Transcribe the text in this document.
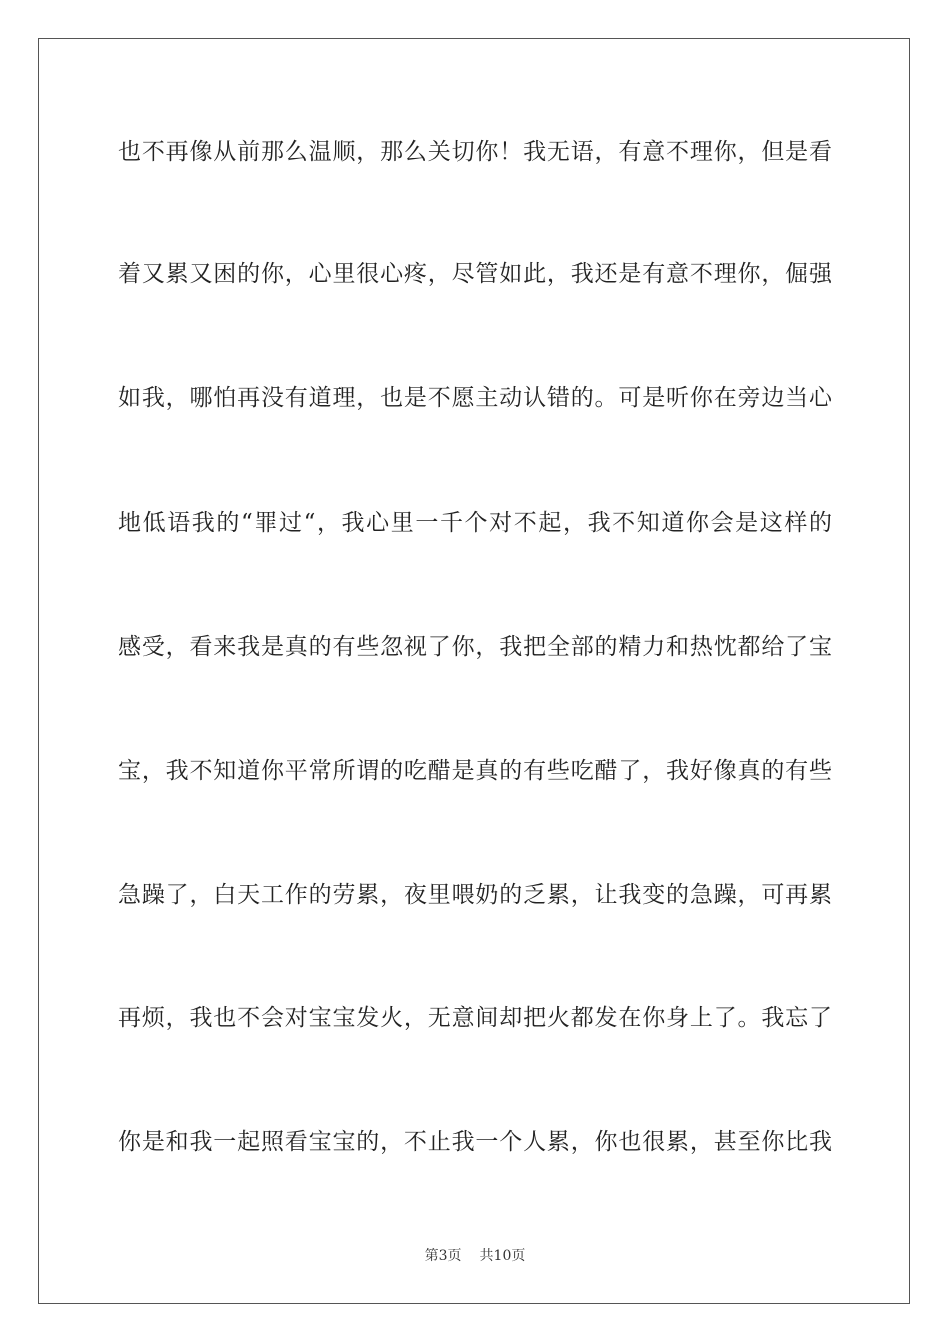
也不再像从前那么温顺，那么关切你！我无语，有意不理你，但是看
着又累又困的你，心里很心疼，尽管如此，我还是有意不理你，倔强
如我，哪怕再没有道理，也是不愿主动认错的。可是听你在旁边当心
地低语我的“罪过“，我心里一千个对不起，我不知道你会是这样的
感受，看来我是真的有些忽视了你，我把全部的精力和热忱都给了宝
宝，我不知道你平常所谓的吃醋是真的有些吃醋了，我好像真的有些
急躁了，白天工作的劳累，夜里喂奶的乏累，让我变的急躁，可再累
再烦，我也不会对宝宝发火，无意间却把火都发在你身上了。我忘了
你是和我一起照看宝宝的，不止我一个人累，你也很累，甚至你比我
第3页 共10页
